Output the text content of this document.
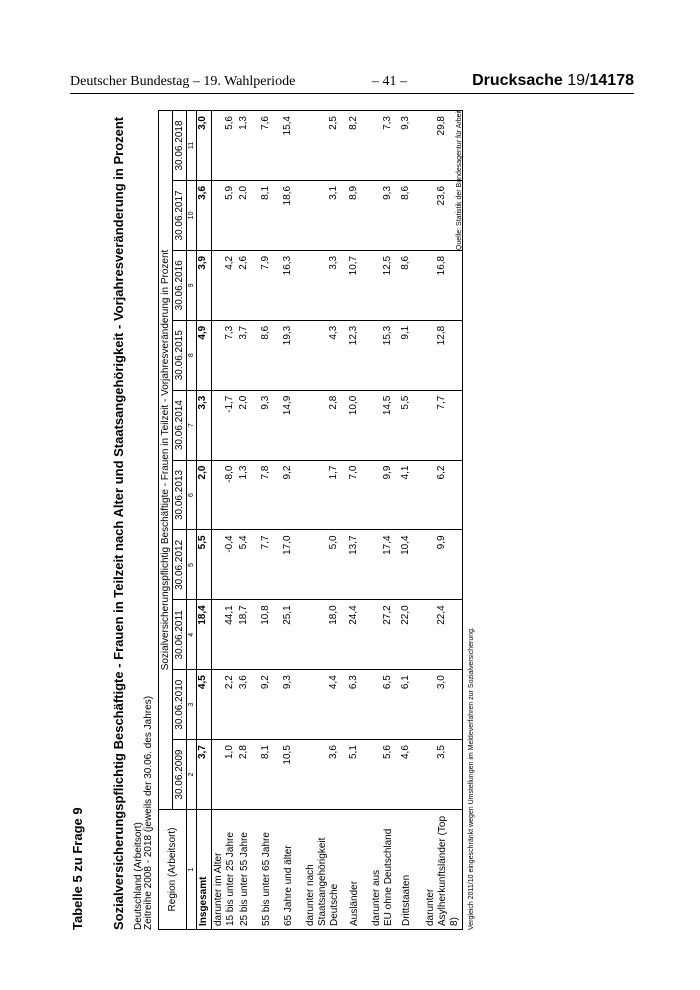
Deutscher Bundestag – 19. Wahlperiode	– 41 –	Drucksache 19/14178
Tabelle 5 zu Frage 9 Sozialversicherungspflichtig Beschäftigte - Frauen in Teilzeit nach Alter und Staatsangehörigkeit - Vorjahresveränderung in Prozent Deutschland (Arbeitsort) Zeitreihe 2008 - 2018 (jeweils der 30.06. des Jahres) Region (Arbeitsort)	Sozialversicherungspflichtig Beschäftigte - Frauen in Teilzeit - Vorjahresveränderung in Prozent									
	30.06.2009	30.06.2010	30.06.2011	30.06.2012	30.06.2013	30.06.2014	30.06.2015	30.06.2016	30.06.2017	30.06.2018
1	2	3	4	5	6	7	8	9	10	11

Insgesamt	3,7	4,5	18,4	5,5	2,0	3,3	4,9	3,9	3,6	3,0

darunter im Alter 15 bis unter 25 Jahre	1,0	2,2	44,1	-0,4	-8,0	-1,7	7,3	4,2	5,9	5,6

25 bis unter 55 Jahre	2,8	3,6	18,7	5,4	1,3	2,0	3,7	2,6	2,0	1,3

55 bis unter 65 Jahre	8,1	9,2	10,8	7,7	7,8	9,3	8,6	7,9	8,1	7,6

65 Jahre und älter	10,5	9,3	25,1	17,0	9,2	14,9	19,3	16,3	18,6	15,4

darunter nach Staatsangehörigkeit Deutsche	3,6	4,4	18,0	5,0	1,7	2,8	4,3	3,3	3,1	2,5

Ausländer	5,1	6,3	24,4	13,7	7,0	10,0	12,3	10,7	8,9	8,2

darunter aus EU ohne Deutschland	5,6	6,5	27,2	17,4	9,9	14,5	15,3	12,5	9,3	7,3

Drittstaaten	4,6	6,1	22,0	10,4	4,1	5,5	9,1	8,6	8,6	9,3

darunter Asylherkunftsländer (Top 8)	3,5	3,0	22,4	9,9	6,2	7,7	12,8	16,8	23,6	29,8 Quelle: Statistik der Bundesagentur für Arbeit
Vergleich 2011/10 eingeschränkt wegen Umstellungen im Meldeverfahren zur Sozialversicherung.
